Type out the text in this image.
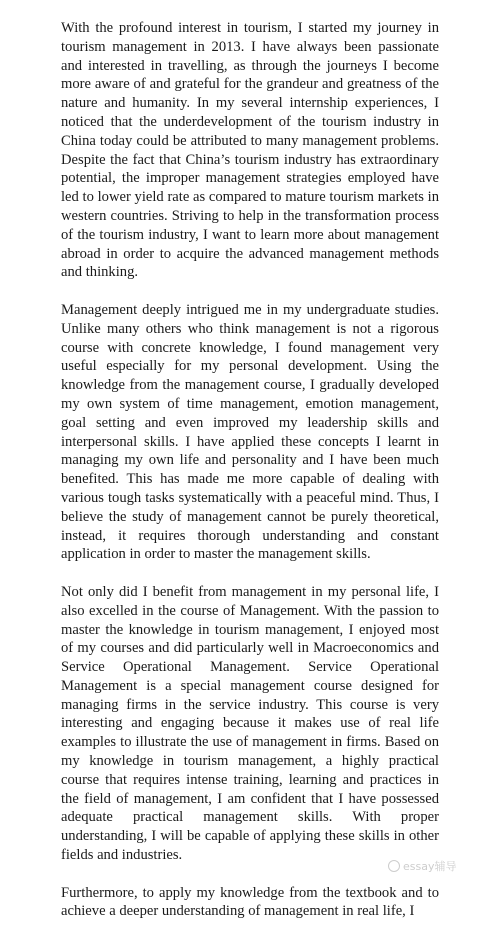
With the profound interest in tourism, I started my journey in tourism management in 2013. I have always been passionate and interested in travelling, as through the journeys I become more aware of and grateful for the grandeur and greatness of the nature and humanity. In my several internship experiences, I noticed that the underdevelopment of the tourism industry in China today could be attributed to many management problems. Despite the fact that China’s tourism industry has extraordinary potential, the improper management strategies employed have led to lower yield rate as compared to mature tourism markets in western countries. Striving to help in the transformation process of the tourism industry, I want to learn more about management abroad in order to acquire the advanced management methods and thinking.

Management deeply intrigued me in my undergraduate studies. Unlike many others who think management is not a rigorous course with concrete knowledge, I found management very useful especially for my personal development. Using the knowledge from the management course, I gradually developed my own system of time management, emotion management, goal setting and even improved my leadership skills and interpersonal skills. I have applied these concepts I learnt in managing my own life and personality and I have been much benefited. This has made me more capable of dealing with various tough tasks systematically with a peaceful mind. Thus, I believe the study of management cannot be purely theoretical, instead, it requires thorough understanding and constant application in order to master the management skills.

Not only did I benefit from management in my personal life, I also excelled in the course of Management. With the passion to master the knowledge in tourism management, I enjoyed most of my courses and did particularly well in Macroeconomics and Service Operational Management. Service Operational Management is a special management course designed for managing firms in the service industry. This course is very interesting and engaging because it makes use of real life examples to illustrate the use of management in firms. Based on my knowledge in tourism management, a highly practical course that requires intense training, learning and practices in the field of management, I am confident that I have possessed adequate practical management skills. With proper understanding, I will be capable of applying these skills in other fields and industries.

Furthermore, to apply my knowledge from the textbook and to achieve a deeper understanding of management in real life, I

essay辅导
